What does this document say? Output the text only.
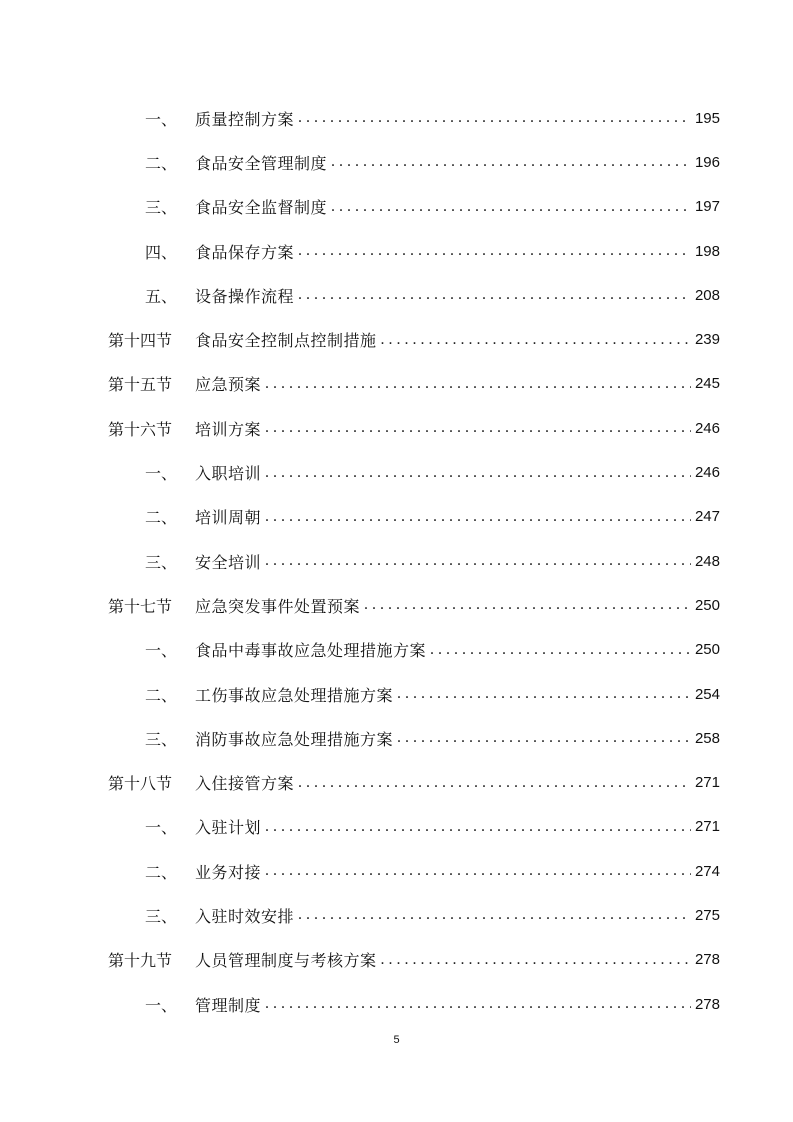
一、	质量控制方案 . . .	195
二、	食品安全管理制度 . . .	196
三、	食品安全监督制度 . . .	197
四、	食品保存方案 . . .	198
五、	设备操作流程 . . .	208
第十四节	食品安全控制点控制措施 . . .	239
第十五节	应急预案 . . .	245
第十六节	培训方案 . . .	246
一、	入职培训 . . .	246
二、	培训周朝 . . .	247
三、	安全培训 . . .	248
第十七节	应急突发事件处置预案 . . .	250
一、	食品中毒事故应急处理措施方案 . . .	250
二、	工伤事故应急处理措施方案 . . .	254
三、	消防事故应急处理措施方案 . . .	258
第十八节	入住接管方案 . . .	271
一、	入驻计划 . . .	271
二、	业务对接 . . .	274
三、	入驻时效安排 . . .	275
第十九节	人员管理制度与考核方案 . . .	278
一、	管理制度 . . .	278
5
